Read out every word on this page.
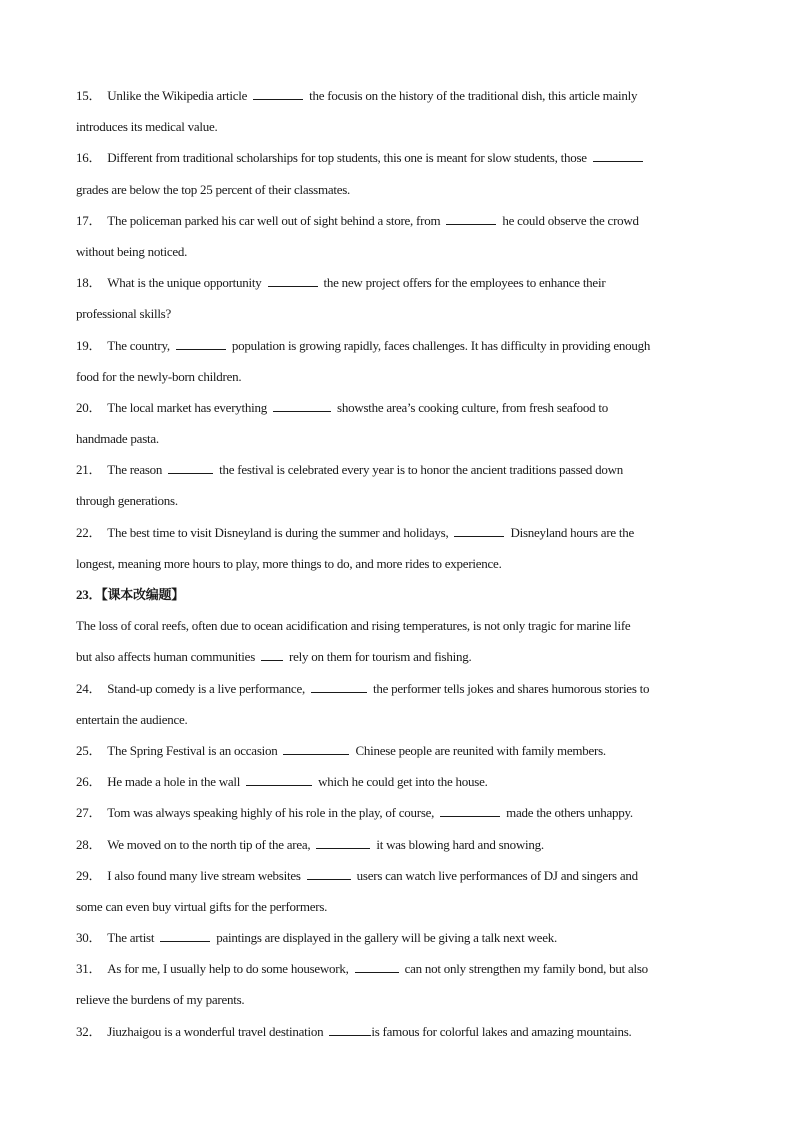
15． Unlike the Wikipedia article	the focusis on the history of the traditional dish, this article mainly
introduces its medical value.
16． Different from traditional scholarships for top students, this one is meant for slow students, those
grades are below the top 25 percent of their classmates.
17． The policeman parked his car well out of sight behind a store, from	he could observe the crowd
without being noticed.
18． What is the unique opportunity	the new project offers for the employees to enhance their
professional skills?
19． The country,	population is growing rapidly, faces challenges. It has difficulty in providing enough
food for the newly-born children.
20． The local market has everything	showsthe area’s cooking culture, from fresh seafood to
handmade pasta.
21． The reason	the festival is celebrated every year is to honor the ancient traditions passed down
through generations.
22． The best time to visit Disneyland is during the summer and holidays,	Disneyland hours are the
longest, meaning more hours to play, more things to do, and more rides to experience.
23．【课本改编题】
The loss of coral reefs, often due to ocean acidification and rising temperatures, is not only tragic for marine life
but also affects human communities	rely on them for tourism and fishing.
24． Stand-up comedy is a live performance,	the performer tells jokes and shares humorous stories to
entertain the audience.
25． The Spring Festival is an occasion	Chinese people are reunited with family members.
26． He made a hole in the wall	which he could get into the house.
27． Tom was always speaking highly of his role in the play, of course,	made the others unhappy.
28． We moved on to the north tip of the area,	it was blowing hard and snowing.
29． I also found many live stream websites	users can watch live performances of DJ and singers and
some can even buy virtual gifts for the performers.
30． The artist	paintings are displayed in the gallery will be giving a talk next week.
31． As for me, I usually help to do some housework,	can not only strengthen my family bond, but also
relieve the burdens of my parents.
32． Jiuzhaigou is a wonderful travel destination	is famous for colorful lakes and amazing mountains.
